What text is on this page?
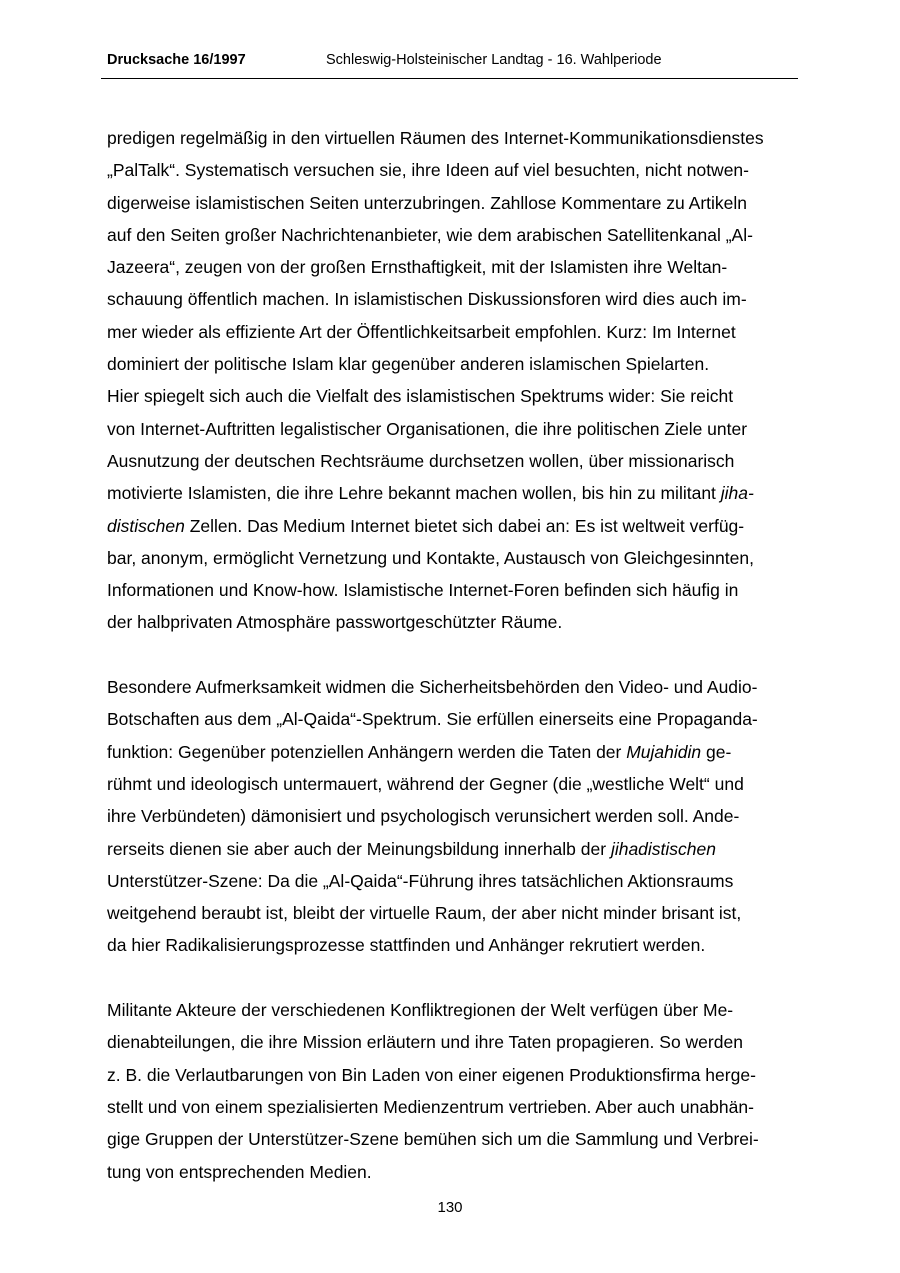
Drucksache 16/1997	Schleswig-Holsteinischer Landtag - 16. Wahlperiode
predigen regelmäßig in den virtuellen Räumen des Internet-Kommunikationsdienstes
„PalTalk“. Systematisch versuchen sie, ihre Ideen auf viel besuchten, nicht notwen-
digerweise islamistischen Seiten unterzubringen. Zahllose Kommentare zu Artikeln
auf den Seiten großer Nachrichtenanbieter, wie dem arabischen Satellitenkanal „Al-
Jazeera“, zeugen von der großen Ernsthaftigkeit, mit der Islamisten ihre Weltan-
schauung öffentlich machen. In islamistischen Diskussionsforen wird dies auch im-
mer wieder als effiziente Art der Öffentlichkeitsarbeit empfohlen. Kurz: Im Internet
dominiert der politische Islam klar gegenüber anderen islamischen Spielarten.
Hier spiegelt sich auch die Vielfalt des islamistischen Spektrums wider: Sie reicht
von Internet-Auftritten legalistischer Organisationen, die ihre politischen Ziele unter
Ausnutzung der deutschen Rechtsräume durchsetzen wollen, über missionarisch
motivierte Islamisten, die ihre Lehre bekannt machen wollen, bis hin zu militant jiha-
distischen Zellen. Das Medium Internet bietet sich dabei an: Es ist weltweit verfüg-
bar, anonym, ermöglicht Vernetzung und Kontakte, Austausch von Gleichgesinnten,
Informationen und Know-how. Islamistische Internet-Foren befinden sich häufig in
der halbprivaten Atmosphäre passwortgeschützter Räume.
Besondere Aufmerksamkeit widmen die Sicherheitsbehörden den Video- und Audio-
Botschaften aus dem „Al-Qaida“-Spektrum. Sie erfüllen einerseits eine Propaganda-
funktion: Gegenüber potenziellen Anhängern werden die Taten der Mujahidin ge-
rühmt und ideologisch untermauert, während der Gegner (die „westliche Welt“ und
ihre Verbündeten) dämonisiert und psychologisch verunsichert werden soll. Ande-
rerseits dienen sie aber auch der Meinungsbildung innerhalb der jihadistischen
Unterstützer-Szene: Da die „Al-Qaida“-Führung ihres tatsächlichen Aktionsraums
weitgehend beraubt ist, bleibt der virtuelle Raum, der aber nicht minder brisant ist,
da hier Radikalisierungsprozesse stattfinden und Anhänger rekrutiert werden.
Militante Akteure der verschiedenen Konfliktregionen der Welt verfügen über Me-
dienabteilungen, die ihre Mission erläutern und ihre Taten propagieren. So werden
z. B. die Verlautbarungen von Bin Laden von einer eigenen Produktionsfirma herge-
stellt und von einem spezialisierten Medienzentrum vertrieben. Aber auch unabhän-
gige Gruppen der Unterstützer-Szene bemühen sich um die Sammlung und Verbrei-
tung von entsprechenden Medien.
130
